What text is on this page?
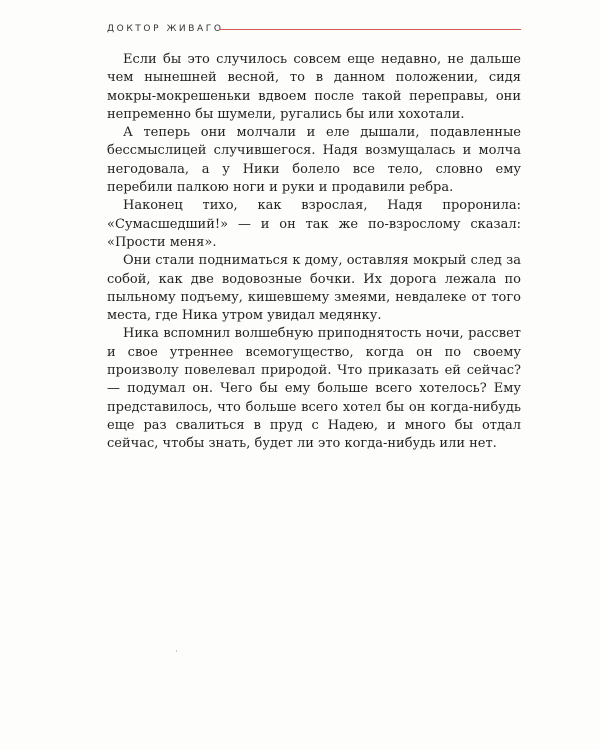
ДОКТОР ЖИВАГО

Если бы это случилось совсем еще недавно, не дальше чем нынешней весной, то в данном положении, сидя мокры-мокрешеньки вдвоем после такой переправы, они непременно бы шумели, ругались бы или хохотали.

А теперь они молчали и еле дышали, подавленные бессмыслицей случившегося. Надя возмущалась и молча негодовала, а у Ники болело все тело, словно ему перебили палкою ноги и руки и продавили ребра.

Наконец тихо, как взрослая, Надя проронила: «Сумасшедший!» — и он так же по-взрослому сказал: «Прости меня».

Они стали подниматься к дому, оставляя мокрый след за собой, как две водовозные бочки. Их дорога лежала по пыльному подъему, кишевшему змеями, невдалеке от того места, где Ника утром увидал медянку.

Ника вспомнил волшебную приподнятость ночи, рассвет и свое утреннее всемогущество, когда он по своему произволу повелевал природой. Что приказать ей сейчас? — подумал он. Чего бы ему больше всего хотелось? Ему представилось, что больше всего хотел бы он когда-нибудь еще раз свалиться в пруд с Надею, и много бы отдал сейчас, чтобы знать, будет ли это когда-нибудь или нет.
